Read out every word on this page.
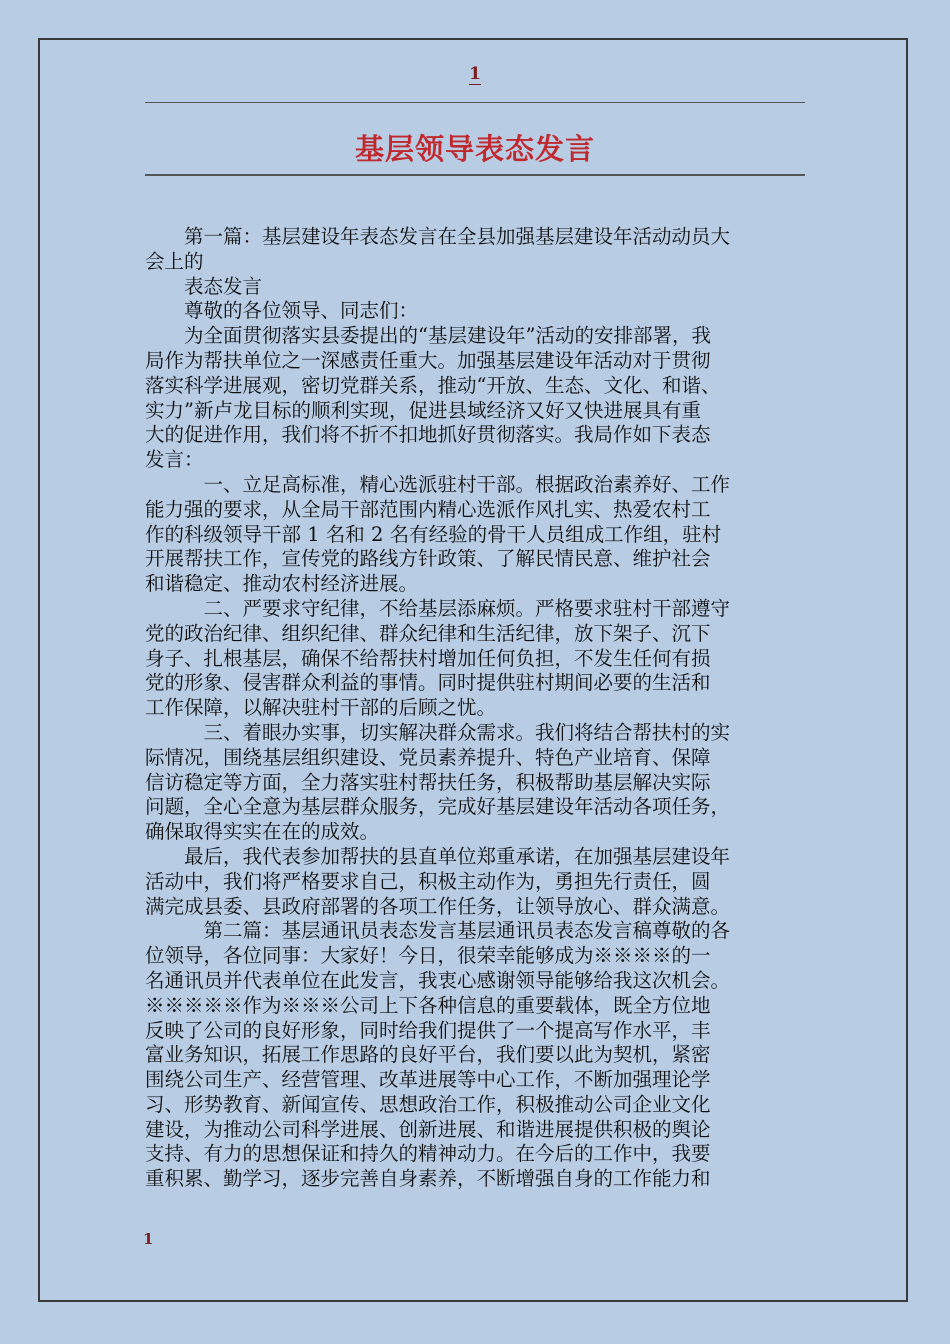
1
基层领导表态发言

　　第一篇：基层建设年表态发言在全县加强基层建设年活动动员大

会上的

　　表态发言

　　尊敬的各位领导、同志们：

　　为全面贯彻落实县委提出的“基层建设年”活动的安排部署，我

局作为帮扶单位之一深感责任重大。加强基层建设年活动对于贯彻

落实科学进展观，密切党群关系，推动“开放、生态、文化、和谐、

实力”新卢龙目标的顺利实现，促进县域经济又好又快进展具有重

大的促进作用，我们将不折不扣地抓好贯彻落实。我局作如下表态

发言：

　　　一、立足高标准，精心选派驻村干部。根据政治素养好、工作

能力强的要求，从全局干部范围内精心选派作风扎实、热爱农村工

作的科级领导干部 1 名和 2 名有经验的骨干人员组成工作组，驻村

开展帮扶工作，宣传党的路线方针政策、了解民情民意、维护社会

和谐稳定、推动农村经济进展。

　　　二、严要求守纪律，不给基层添麻烦。严格要求驻村干部遵守

党的政治纪律、组织纪律、群众纪律和生活纪律，放下架子、沉下

身子、扎根基层，确保不给帮扶村增加任何负担，不发生任何有损

党的形象、侵害群众利益的事情。同时提供驻村期间必要的生活和

工作保障，以解决驻村干部的后顾之忧。

　　　三、着眼办实事，切实解决群众需求。我们将结合帮扶村的实

际情况，围绕基层组织建设、党员素养提升、特色产业培育、保障

信访稳定等方面，全力落实驻村帮扶任务，积极帮助基层解决实际

问题，全心全意为基层群众服务，完成好基层建设年活动各项任务，

确保取得实实在在的成效。

　　最后，我代表参加帮扶的县直单位郑重承诺，在加强基层建设年

活动中，我们将严格要求自己，积极主动作为，勇担先行责任，圆

满完成县委、县政府部署的各项工作任务，让领导放心、群众满意。

　　　第二篇：基层通讯员表态发言基层通讯员表态发言稿尊敬的各

位领导，各位同事：大家好！今日，很荣幸能够成为※※※※的一

名通讯员并代表单位在此发言，我衷心感谢领导能够给我这次机会。

※※※※※作为※※※公司上下各种信息的重要载体，既全方位地

反映了公司的良好形象，同时给我们提供了一个提高写作水平，丰

富业务知识，拓展工作思路的良好平台，我们要以此为契机，紧密

围绕公司生产、经营管理、改革进展等中心工作，不断加强理论学

习、形势教育、新闻宣传、思想政治工作，积极推动公司企业文化

建设，为推动公司科学进展、创新进展、和谐进展提供积极的舆论

支持、有力的思想保证和持久的精神动力。在今后的工作中，我要

重积累、勤学习，逐步完善自身素养，不断增强自身的工作能力和

1
